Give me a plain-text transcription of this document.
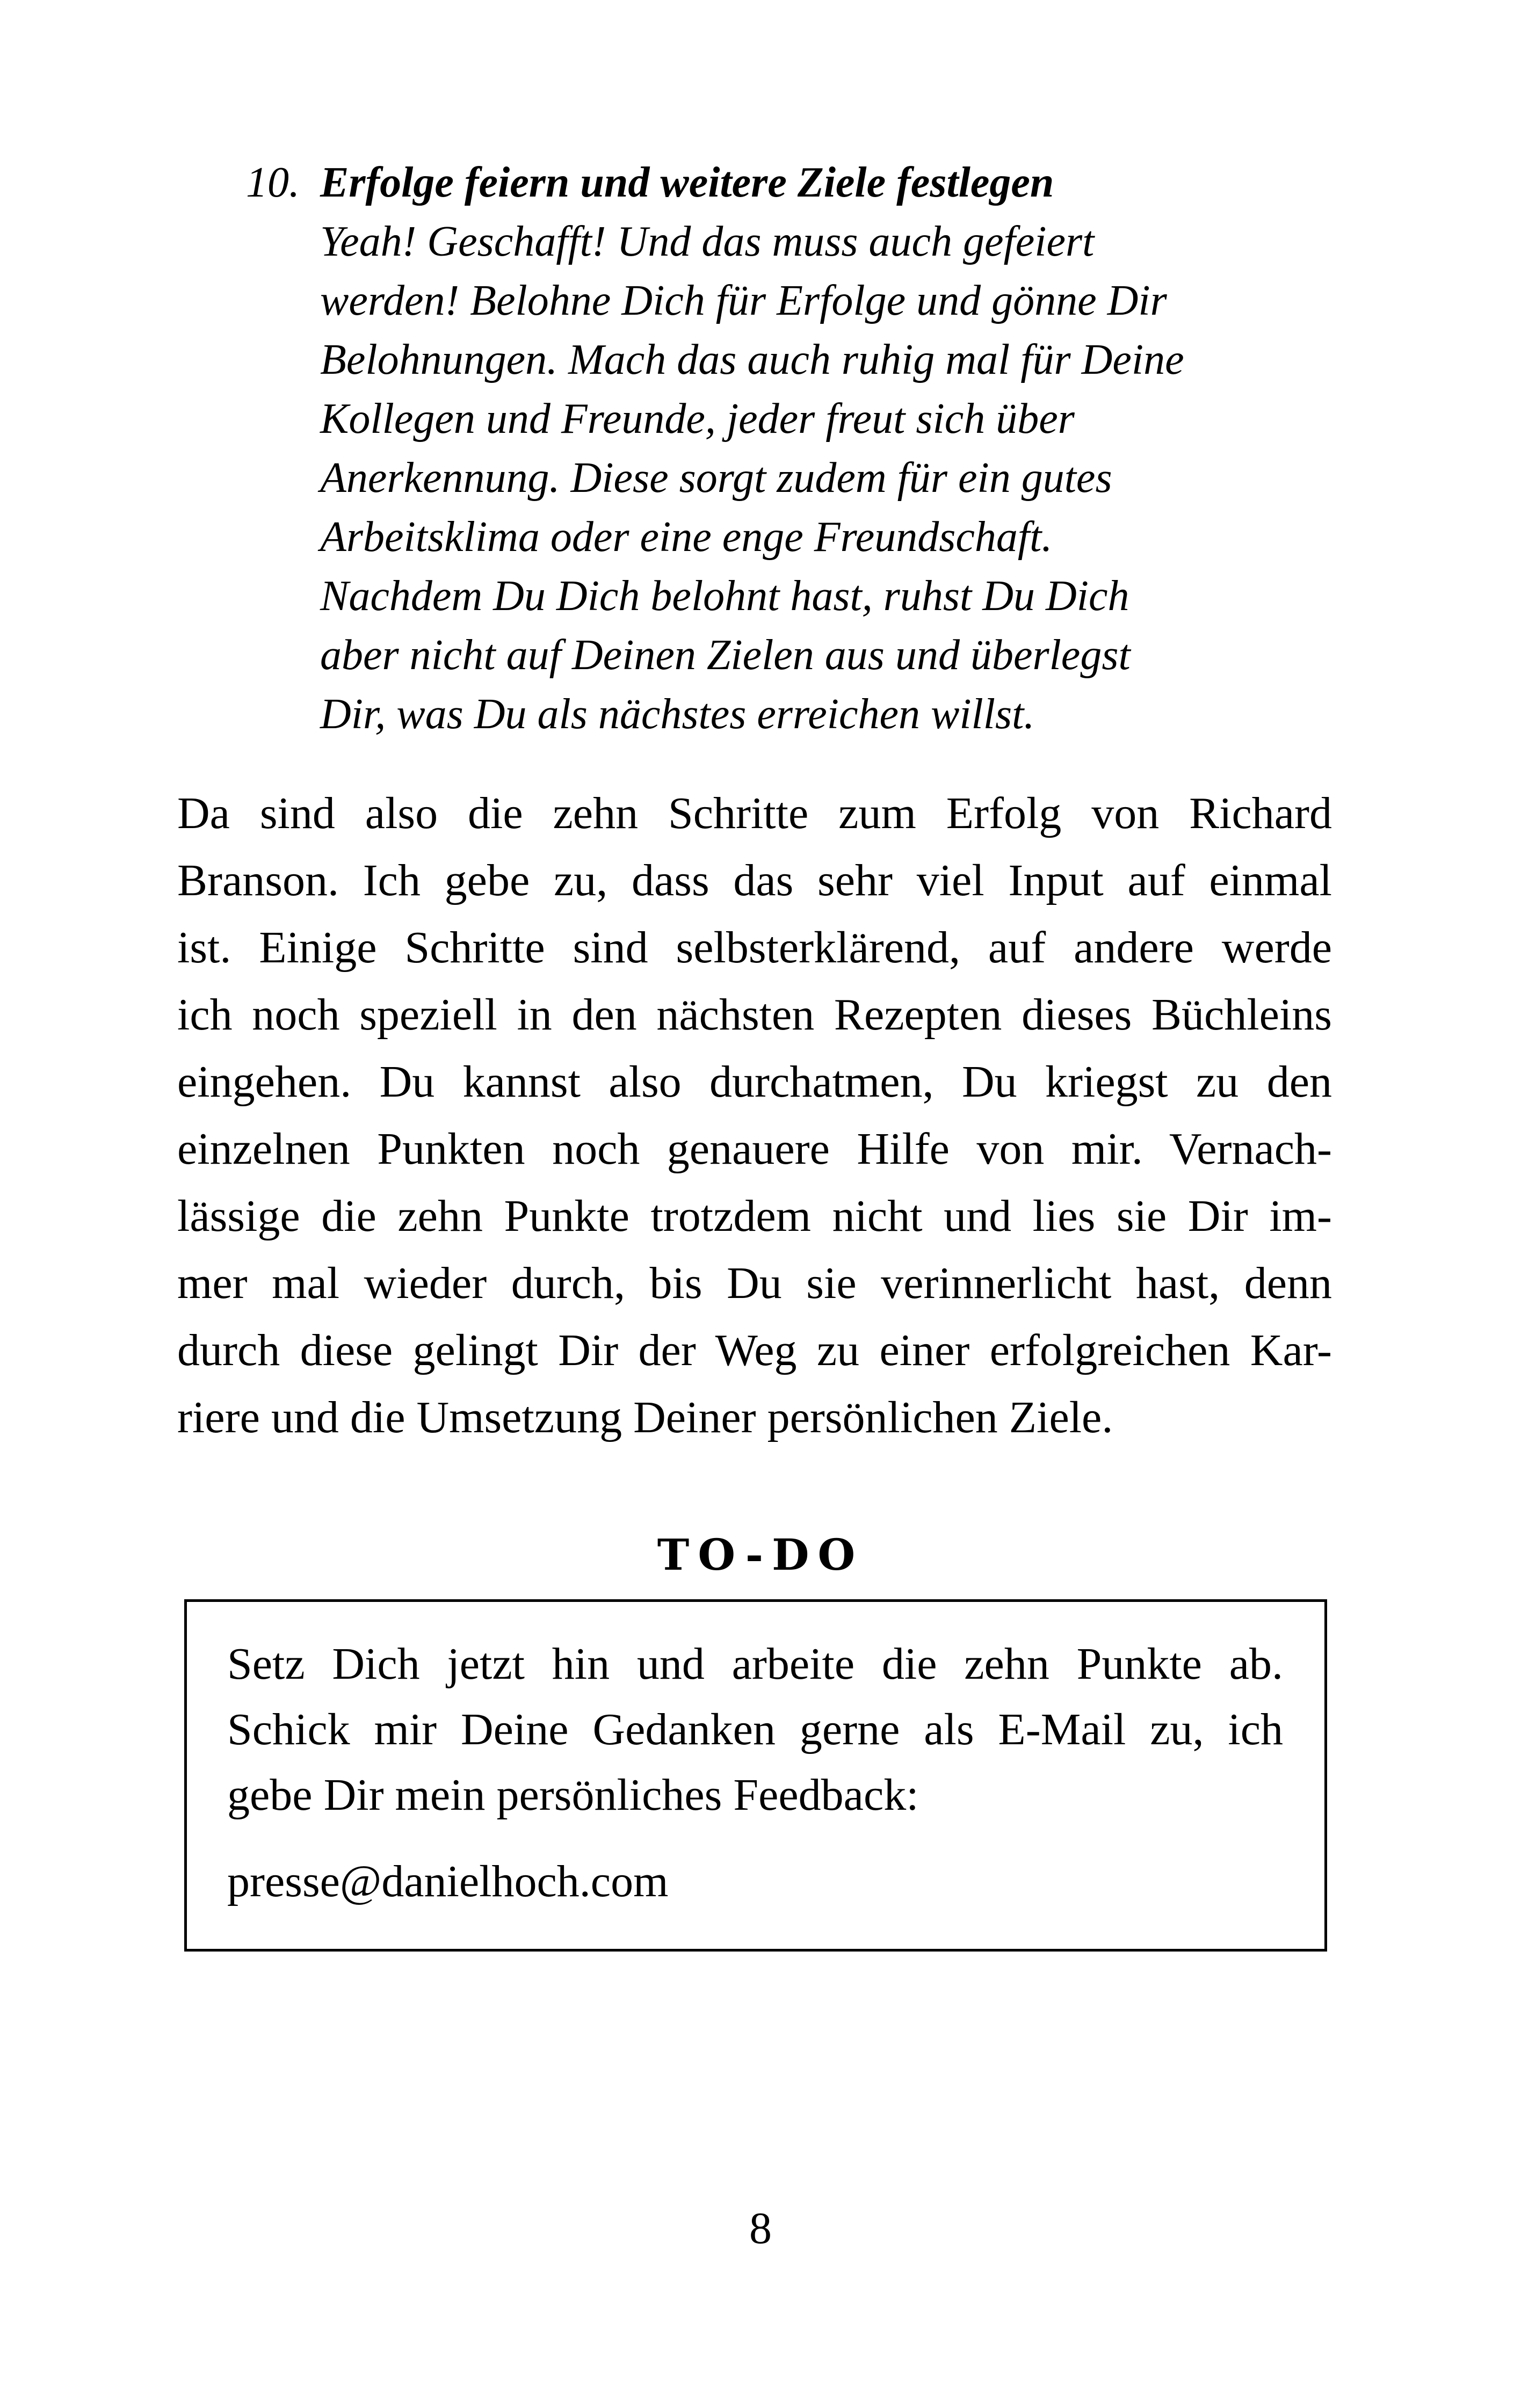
10. Erfolge feiern und weitere Ziele festlegen
Yeah! Geschafft! Und das muss auch gefeiert
werden! Belohne Dich für Erfolge und gönne Dir
Belohnungen. Mach das auch ruhig mal für Deine
Kollegen und Freunde, jeder freut sich über
Anerkennung. Diese sorgt zudem für ein gutes
Arbeitsklima oder eine enge Freundschaft.
Nachdem Du Dich belohnt hast, ruhst Du Dich
aber nicht auf Deinen Zielen aus und überlegst
Dir, was Du als nächstes erreichen willst.
Da sind also die zehn Schritte zum Erfolg von Richard
Branson. Ich gebe zu, dass das sehr viel Input auf einmal
ist. Einige Schritte sind selbsterklärend, auf andere werde
ich noch speziell in den nächsten Rezepten dieses Büchleins
eingehen. Du kannst also durchatmen, Du kriegst zu den
einzelnen Punkten noch genauere Hilfe von mir. Vernach-
lässige die zehn Punkte trotzdem nicht und lies sie Dir im-
mer mal wieder durch, bis Du sie verinnerlicht hast, denn
durch diese gelingt Dir der Weg zu einer erfolgreichen Kar-
riere und die Umsetzung Deiner persönlichen Ziele.
TO-DO
Setz Dich jetzt hin und arbeite die zehn Punkte ab.
Schick mir Deine Gedanken gerne als E-Mail zu, ich
gebe Dir mein persönliches Feedback:
presse@danielhoch.com
8
